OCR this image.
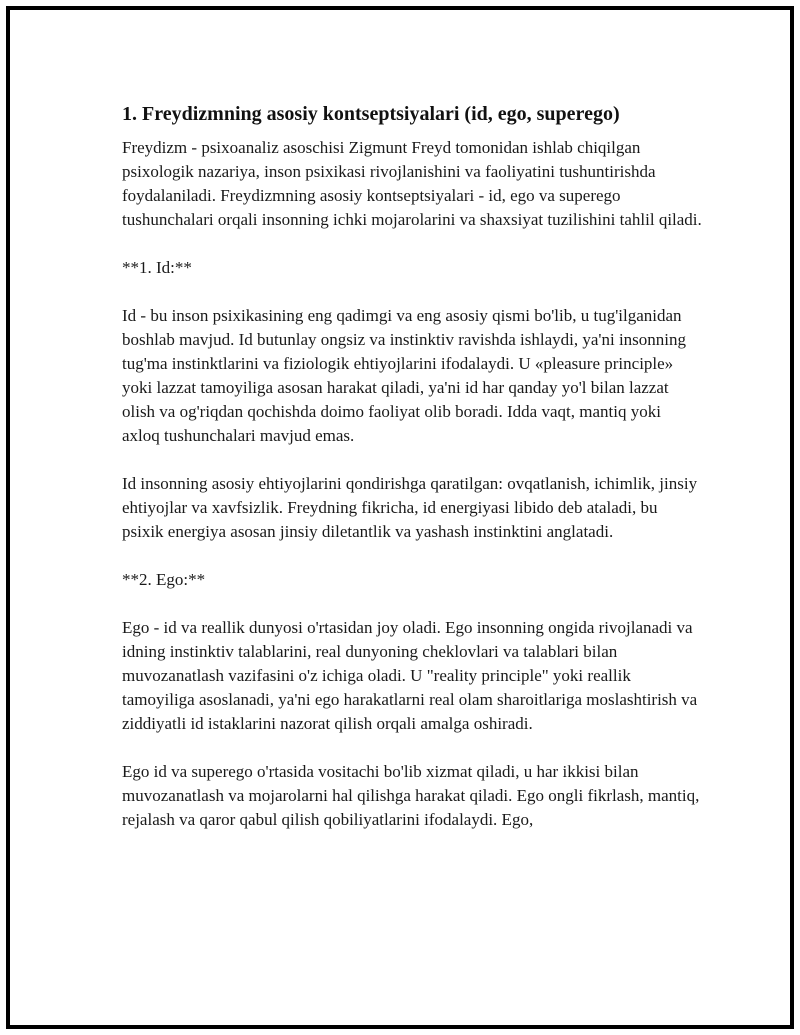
1. Freydizmning asosiy kontseptsiyalari (id, ego, superego)

Freydizm - psixoanaliz asoschisi Zigmunt Freyd tomonidan ishlab chiqilgan psixologik nazariya, inson psixikasi rivojlanishini va faoliyatini tushuntirishda foydalaniladi. Freydizmning asosiy kontseptsiyalari - id, ego va superego tushunchalari orqali insonning ichki mojarolarini va shaxsiyat tuzilishini tahlil qiladi.

**1. Id:**

Id - bu inson psixikasining eng qadimgi va eng asosiy qismi bo'lib, u tug'ilganidan boshlab mavjud. Id butunlay ongsiz va instinktiv ravishda ishlaydi, ya'ni insonning tug'ma instinktlarini va fiziologik ehtiyojlarini ifodalaydi. U «pleasure principle» yoki lazzat tamoyiliga asosan harakat qiladi, ya'ni id har qanday yo'l bilan lazzat olish va og'riqdan qochishda doimo faoliyat olib boradi. Idda vaqt, mantiq yoki axloq tushunchalari mavjud emas.

Id insonning asosiy ehtiyojlarini qondirishga qaratilgan: ovqatlanish, ichimlik, jinsiy ehtiyojlar va xavfsizlik. Freydning fikricha, id energiyasi libido deb ataladi, bu psixik energiya asosan jinsiy diletantlik va yashash instinktini anglatadi.

**2. Ego:**

Ego - id va reallik dunyosi o'rtasidan joy oladi. Ego insonning ongida rivojlanadi va idning instinktiv talablarini, real dunyoning cheklovlari va talablari bilan muvozanatlash vazifasini o'z ichiga oladi. U "reality principle" yoki reallik tamoyiliga asoslanadi, ya'ni ego harakatlarni real olam sharoitlariga moslashtirish va ziddiyatli id istaklarini nazorat qilish orqali amalga oshiradi.

Ego id va superego o'rtasida vositachi bo'lib xizmat qiladi, u har ikkisi bilan muvozanatlash va mojarolarni hal qilishga harakat qiladi. Ego ongli fikrlash, mantiq, rejalash va qaror qabul qilish qobiliyatlarini ifodalaydi. Ego,
